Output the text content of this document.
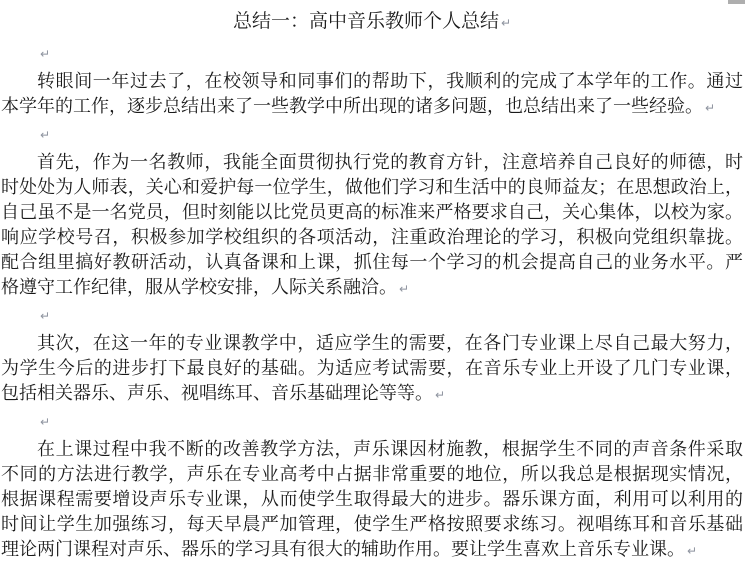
总结一：高中音乐教师个人总结 ↵
↵
转眼间一年过去了，在校领导和同事们的帮助下，我顺利的完成了本学年的工作。通过
本学年的工作，逐步总结出来了一些教学中所出现的诸多问题，也总结出来了一些经验。 ↵
↵
首先，作为一名教师，我能全面贯彻执行党的教育方针，注意培养自己良好的师德，时
时处处为人师表，关心和爱护每一位学生，做他们学习和生活中的良师益友；在思想政治上，
自己虽不是一名党员，但时刻能以比党员更高的标准来严格要求自己，关心集体，以校为家。
响应学校号召，积极参加学校组织的各项活动，注重政治理论的学习，积极向党组织靠拢。
配合组里搞好教研活动，认真备课和上课，抓住每一个学习的机会提高自己的业务水平。严
格遵守工作纪律，服从学校安排，人际关系融洽。 ↵
↵
其次，在这一年的专业课教学中，适应学生的需要，在各门专业课上尽自己最大努力，
为学生今后的进步打下最良好的基础。为适应考试需要，在音乐专业上开设了几门专业课，
包括相关器乐、声乐、视唱练耳、音乐基础理论等等。 ↵
↵
在上课过程中我不断的改善教学方法，声乐课因材施教，根据学生不同的声音条件采取
不同的方法进行教学，声乐在专业高考中占据非常重要的地位，所以我总是根据现实情况，
根据课程需要增设声乐专业课，从而使学生取得最大的进步。器乐课方面，利用可以利用的
时间让学生加强练习，每天早晨严加管理，使学生严格按照要求练习。视唱练耳和音乐基础
理论两门课程对声乐、器乐的学习具有很大的辅助作用。要让学生喜欢上音乐专业课。 ↵
